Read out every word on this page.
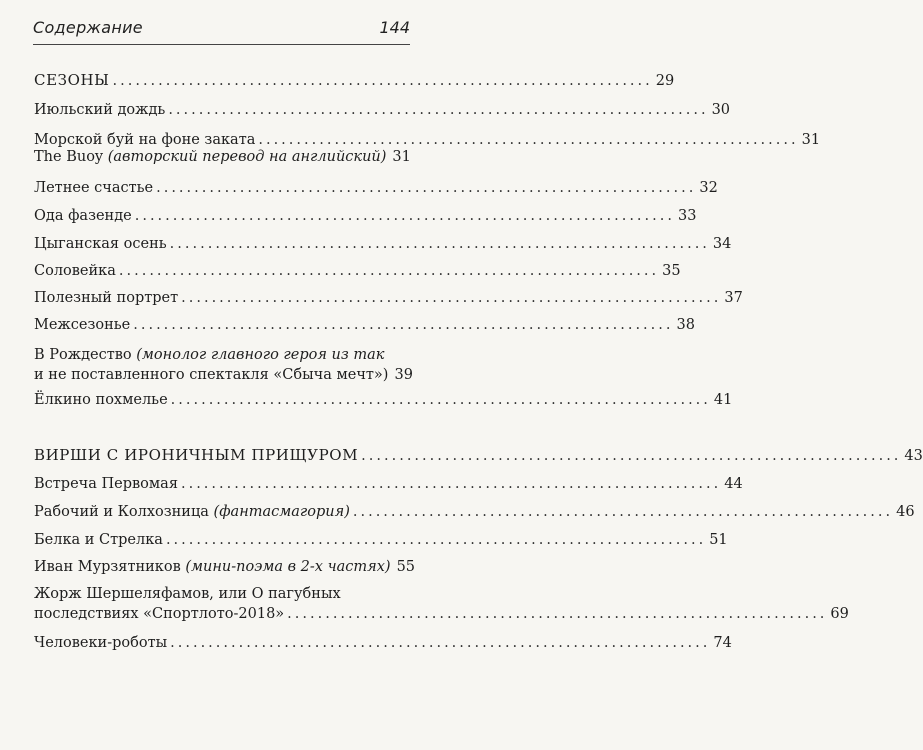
Содержание	144
СЕЗОНЫ ....................................................................... 29
Июльский дождь ....................................................................... 30
Морской буй на фоне заката ....................................................................... 31
The Buoy (авторский перевод на английский) 31
Летнее счастье ....................................................................... 32
Ода фазенде ....................................................................... 33
Цыганская осень ....................................................................... 34
Соловейка ....................................................................... 35
Полезный портрет ....................................................................... 37
Межсезонье ....................................................................... 38
В Рождество (монолог главного героя из так
и не поставленного спектакля «Сбыча мечт») 39
Ёлкино похмелье ....................................................................... 41
ВИРШИ С ИРОНИЧНЫМ ПРИЩУРОМ ....................................................................... 43
Встреча Первомая ....................................................................... 44
Рабочий и Колхозница (фантасмагория) ....................................................................... 46
Белка и Стрелка ....................................................................... 51
Иван Мурзятников (мини-поэма в 2-х частях) 55
Жорж Шершеляфамов, или О пагубных
последствиях «Спортлото-2018» ....................................................................... 69
Человеки-роботы ....................................................................... 74
